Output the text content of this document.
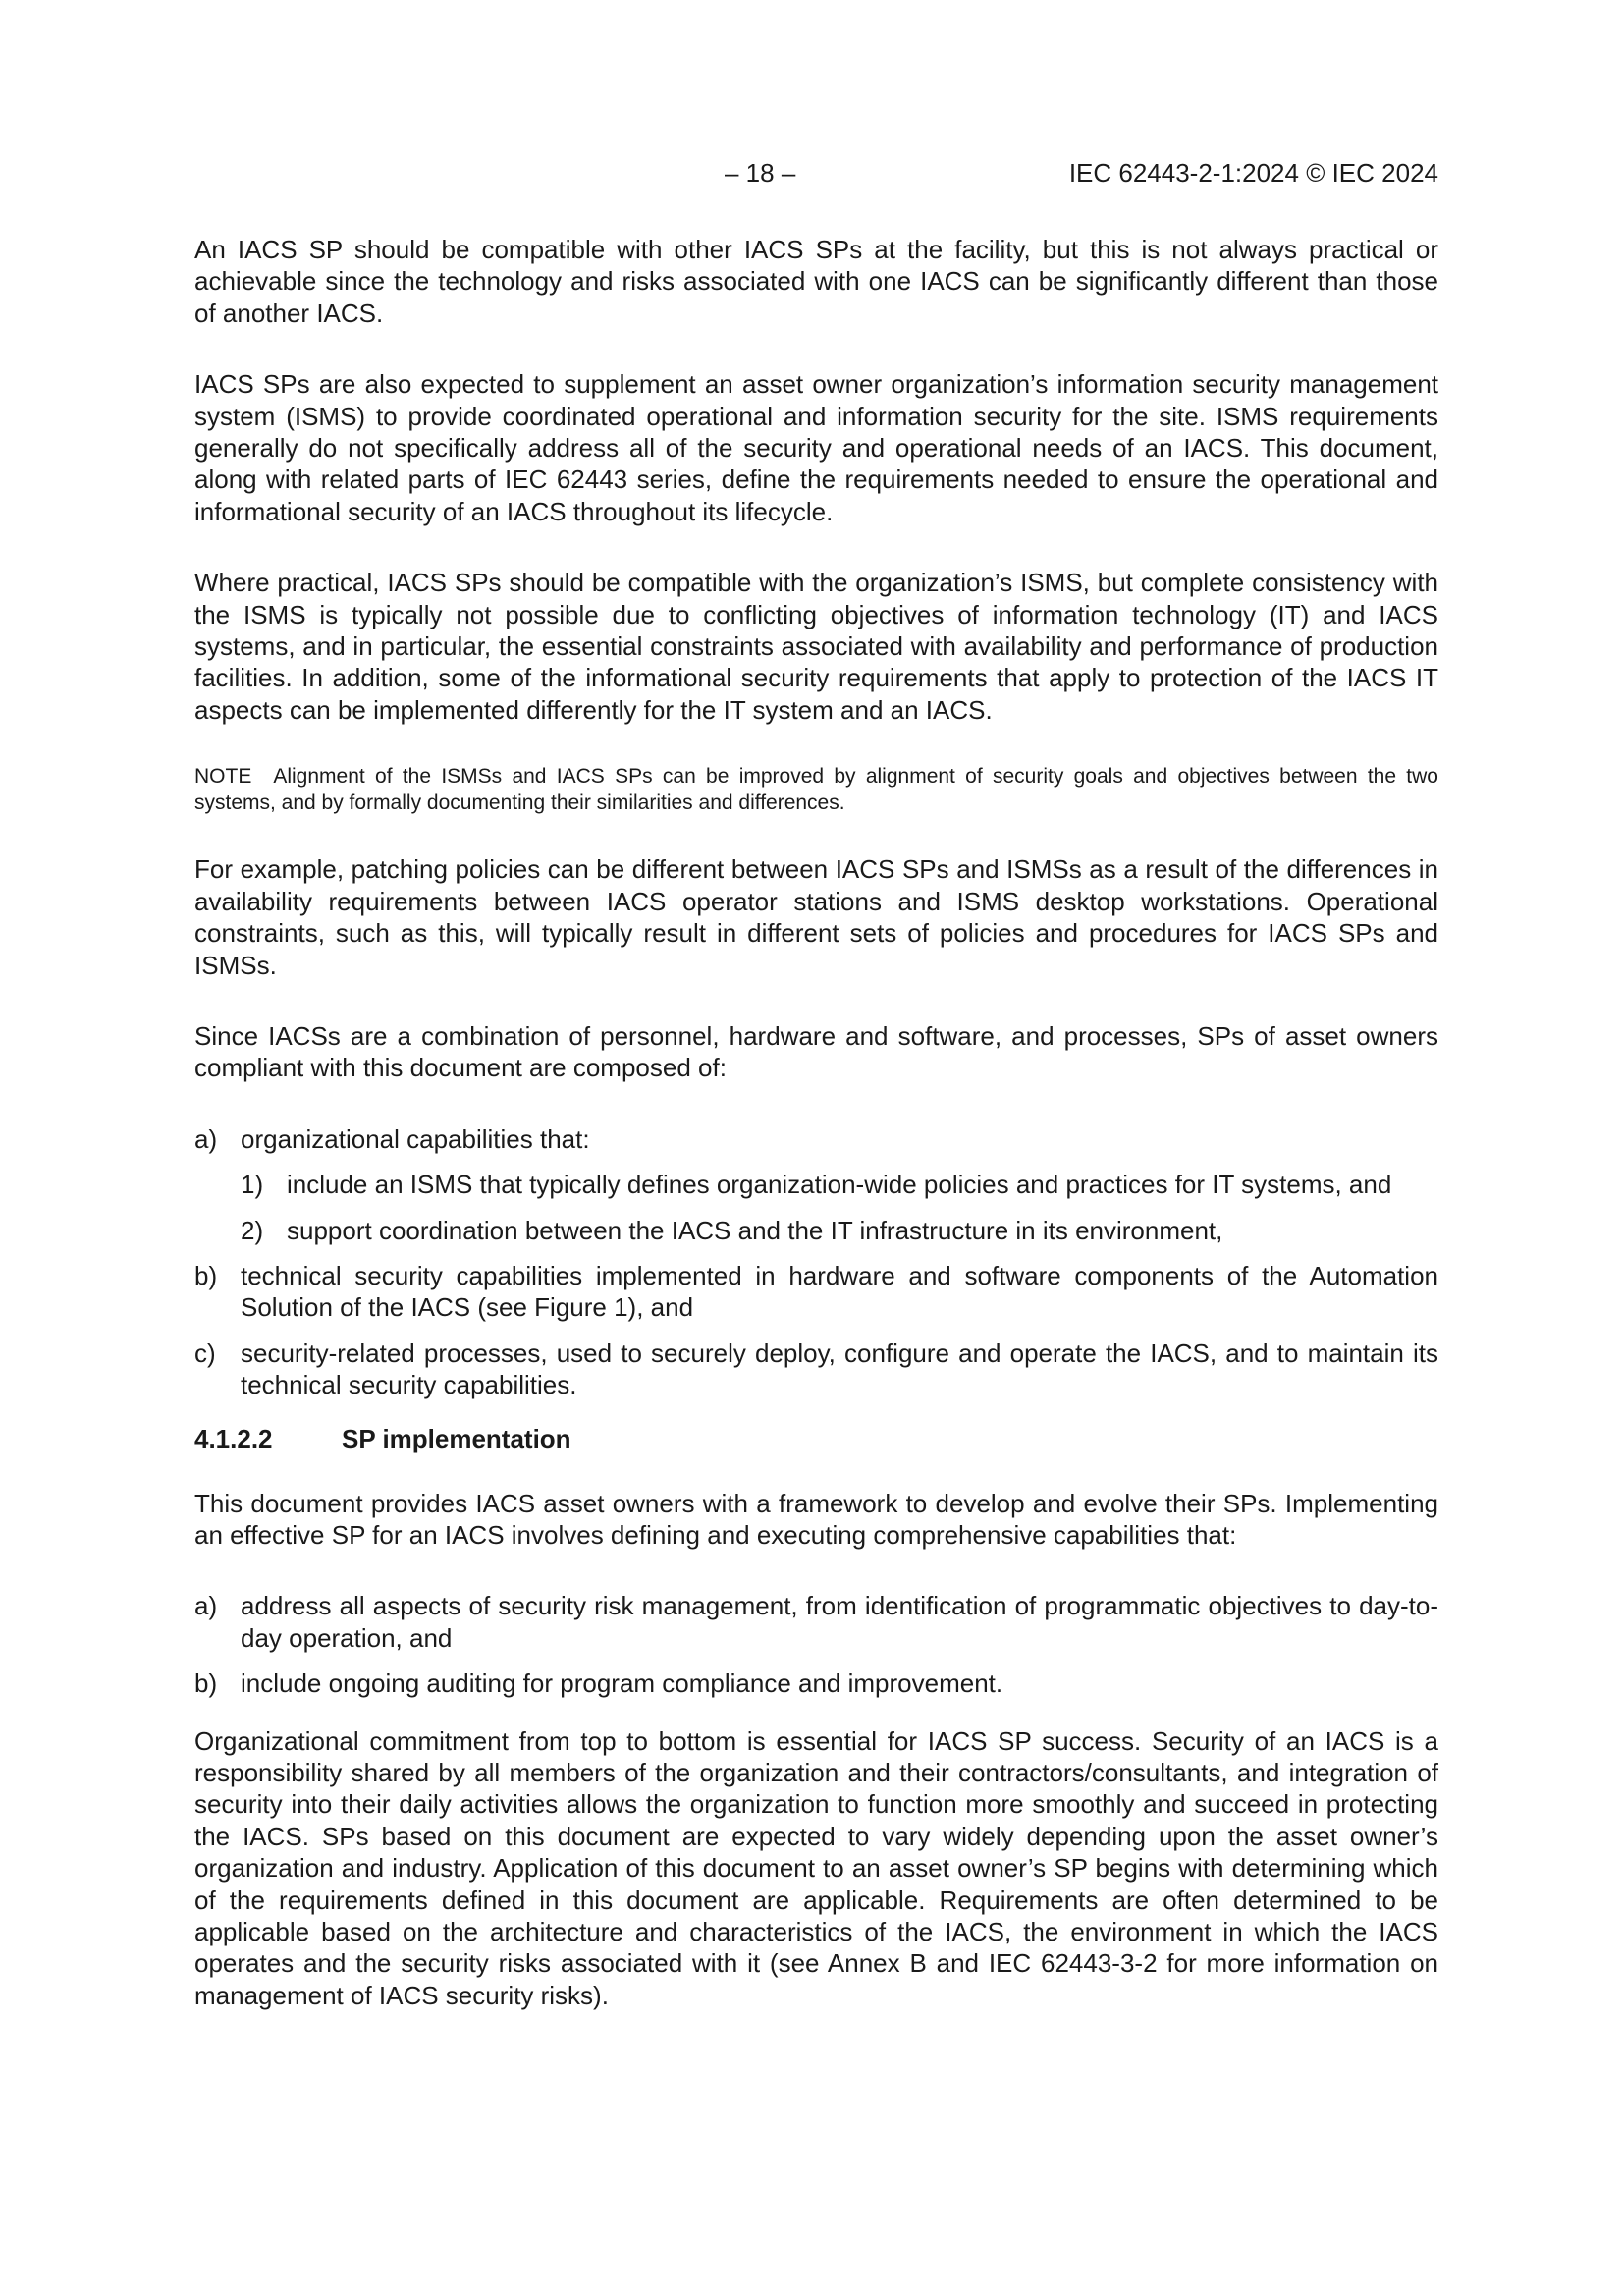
– 18 –	IEC 62443-2-1:2024 © IEC 2024

An IACS SP should be compatible with other IACS SPs at the facility, but this is not always practical or achievable since the technology and risks associated with one IACS can be significantly different than those of another IACS.

IACS SPs are also expected to supplement an asset owner organization’s information security management system (ISMS) to provide coordinated operational and information security for the site. ISMS requirements generally do not specifically address all of the security and operational needs of an IACS. This document, along with related parts of IEC 62443 series, define the requirements needed to ensure the operational and informational security of an IACS throughout its lifecycle.

Where practical, IACS SPs should be compatible with the organization’s ISMS, but complete consistency with the ISMS is typically not possible due to conflicting objectives of information technology (IT) and IACS systems, and in particular, the essential constraints associated with availability and performance of production facilities. In addition, some of the informational security requirements that apply to protection of the IACS IT aspects can be implemented differently for the IT system and an IACS.

NOTE Alignment of the ISMSs and IACS SPs can be improved by alignment of security goals and objectives between the two systems, and by formally documenting their similarities and differences.

For example, patching policies can be different between IACS SPs and ISMSs as a result of the differences in availability requirements between IACS operator stations and ISMS desktop workstations. Operational constraints, such as this, will typically result in different sets of policies and procedures for IACS SPs and ISMSs.

Since IACSs are a combination of personnel, hardware and software, and processes, SPs of asset owners compliant with this document are composed of:

a) organizational capabilities that:

1) include an ISMS that typically defines organization-wide policies and practices for IT systems, and

2) support coordination between the IACS and the IT infrastructure in its environment,

b) technical security capabilities implemented in hardware and software components of the Automation Solution of the IACS (see Figure 1), and

c) security-related processes, used to securely deploy, configure and operate the IACS, and to maintain its technical security capabilities.

4.1.2.2	SP implementation

This document provides IACS asset owners with a framework to develop and evolve their SPs. Implementing an effective SP for an IACS involves defining and executing comprehensive capabilities that:

a) address all aspects of security risk management, from identification of programmatic objectives to day-to-day operation, and

b) include ongoing auditing for program compliance and improvement.

Organizational commitment from top to bottom is essential for IACS SP success. Security of an IACS is a responsibility shared by all members of the organization and their contractors/consultants, and integration of security into their daily activities allows the organization to function more smoothly and succeed in protecting the IACS. SPs based on this document are expected to vary widely depending upon the asset owner’s organization and industry. Application of this document to an asset owner’s SP begins with determining which of the requirements defined in this document are applicable. Requirements are often determined to be applicable based on the architecture and characteristics of the IACS, the environment in which the IACS operates and the security risks associated with it (see Annex B and IEC 62443-3-2 for more information on management of IACS security risks).
